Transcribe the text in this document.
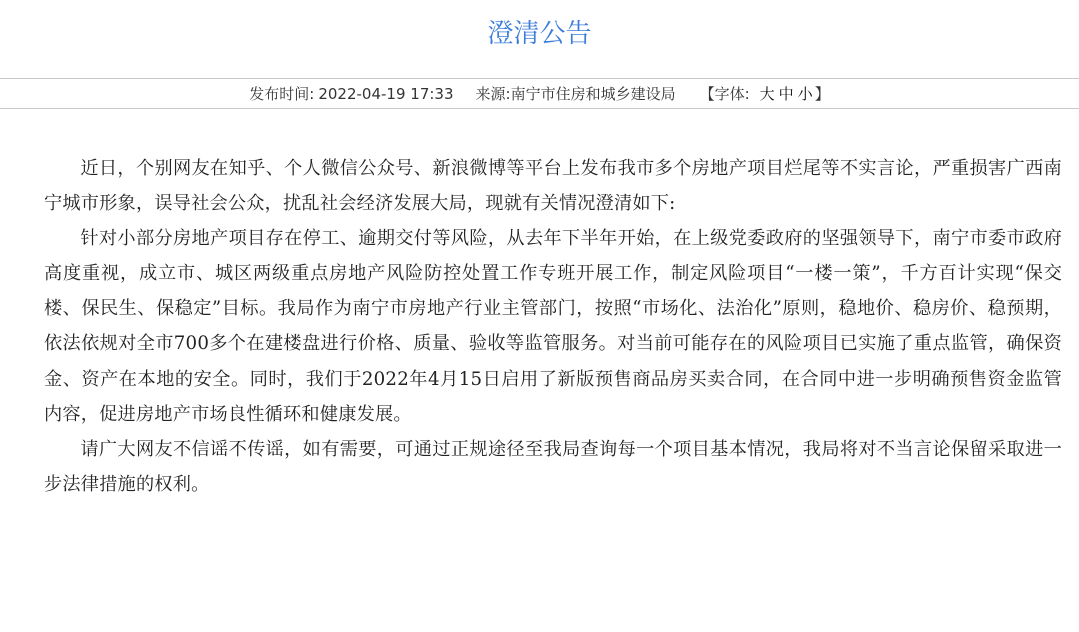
澄清公告
发布时间: 2022-04-19 17:33 来源: 南宁市住房和城乡建设局 【 字体: 大 中 小 】

近日，个别网友在知乎、个人微信公众号、新浪微博等平台上发布我市多个房地产项目烂尾等不实言论，严重损害广西南宁城市形象，误导社会公众，扰乱社会经济发展大局，现就有关情况澄清如下:

针对小部分房地产项目存在停工、逾期交付等风险，从去年下半年开始，在上级党委政府的坚强领导下，南宁市委市政府高度重视，成立市、城区两级重点房地产风险防控处置工作专班开展工作，制定风险项目“一楼一策”，千方百计实现“保交楼、保民生、保稳定”目标。我局作为南宁市房地产行业主管部门，按照“市场化、法治化”原则，稳地价、稳房价、稳预期，依法依规对全市700多个在建楼盘进行价格、质量、验收等监管服务。对当前可能存在的风险项目已实施了重点监管，确保资金、资产在本地的安全。同时，我们于2022年4月15日启用了新版预售商品房买卖合同，在合同中进一步明确预售资金监管内容，促进房地产市场良性循环和健康发展。

请广大网友不信谣不传谣，如有需要，可通过正规途径至我局查询每一个项目基本情况，我局将对不当言论保留采取进一步法律措施的权利。
